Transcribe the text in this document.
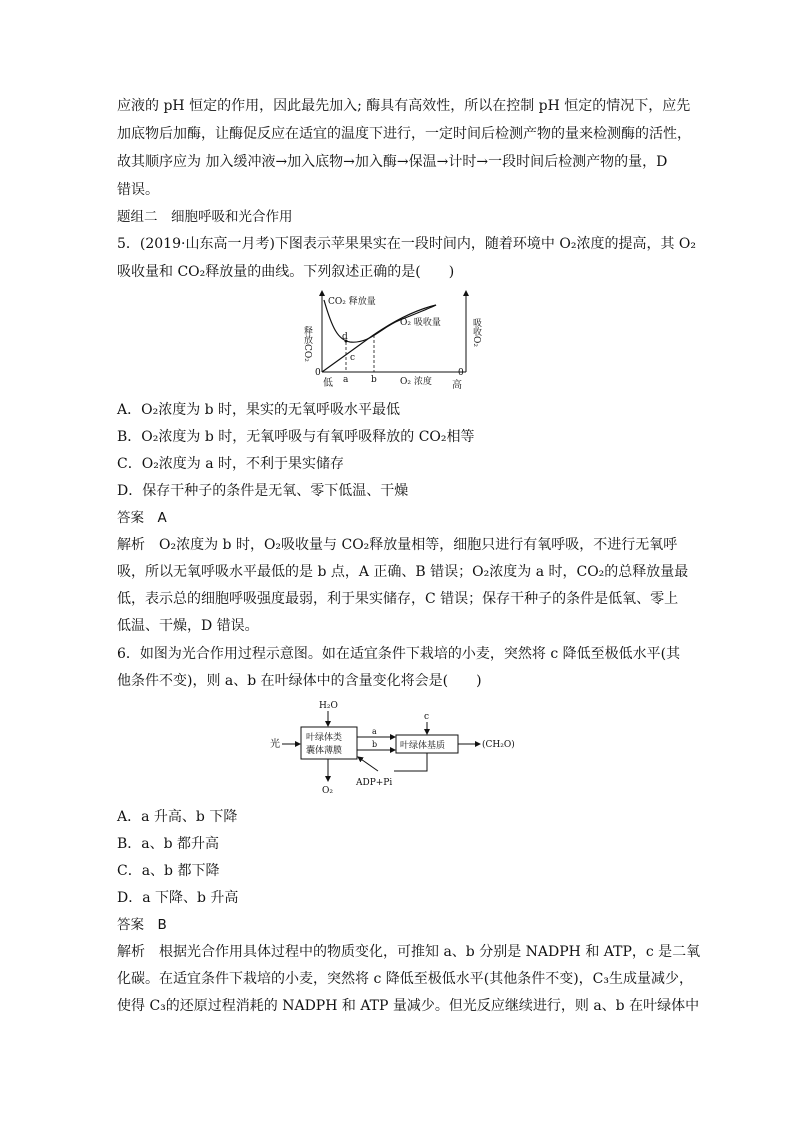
应液的 pH 恒定的作用，因此最先加入; 酶具有高效性，所以在控制 pH 恒定的情况下，应先
加底物后加酶，让酶促反应在适宜的温度下进行，一定时间后检测产物的量来检测酶的活性，
故其顺序应为 加入缓冲液→加入底物→加入酶→保温→计时→一段时间后检测产物的量，D
错误。
题组二　细胞呼吸和光合作用
5．(2019·山东高一月考)下图表示苹果果实在一段时间内，随着环境中 O₂浓度的提高，其 O₂
吸收量和 CO₂释放量的曲线。下列叙述正确的是(　　)
释放CO₂	吸收O₂
CO₂ 释放量
O₂ 吸收量
d
c
0	0
低 a	b	O₂ 浓度 高
A．O₂浓度为 b 时，果实的无氧呼吸水平最低
B．O₂浓度为 b 时，无氧呼吸与有氧呼吸释放的 CO₂相等
C．O₂浓度为 a 时，不利于果实储存
D．保存干种子的条件是无氧、零下低温、干燥
答案　A
解析　O₂浓度为 b 时，O₂吸收量与 CO₂释放量相等，细胞只进行有氧呼吸，不进行无氧呼
吸，所以无氧呼吸水平最低的是 b 点，A 正确、B 错误；O₂浓度为 a 时，CO₂的总释放量最
低，表示总的细胞呼吸强度最弱，利于果实储存，C 错误；保存干种子的条件是低氧、零上
低温、干燥，D 错误。
6．如图为光合作用过程示意图。如在适宜条件下栽培的小麦，突然将 c 降低至极低水平(其
他条件不变)，则 a、b 在叶绿体中的含量变化将会是(　　)
H₂O
光
叶绿体类
囊体薄膜
a
b
c
叶绿体基质	(CH₂O)
ADP+Pi
O₂
A．a 升高、b 下降
B．a、b 都升高
C．a、b 都下降
D．a 下降、b 升高
答案　B
解析　根据光合作用具体过程中的物质变化，可推知 a、b 分别是 NADPH 和 ATP，c 是二氧
化碳。在适宜条件下栽培的小麦，突然将 c 降低至极低水平(其他条件不变)，C₃生成量减少，
使得 C₃的还原过程消耗的 NADPH 和 ATP 量减少。但光反应继续进行，则 a、b 在叶绿体中
